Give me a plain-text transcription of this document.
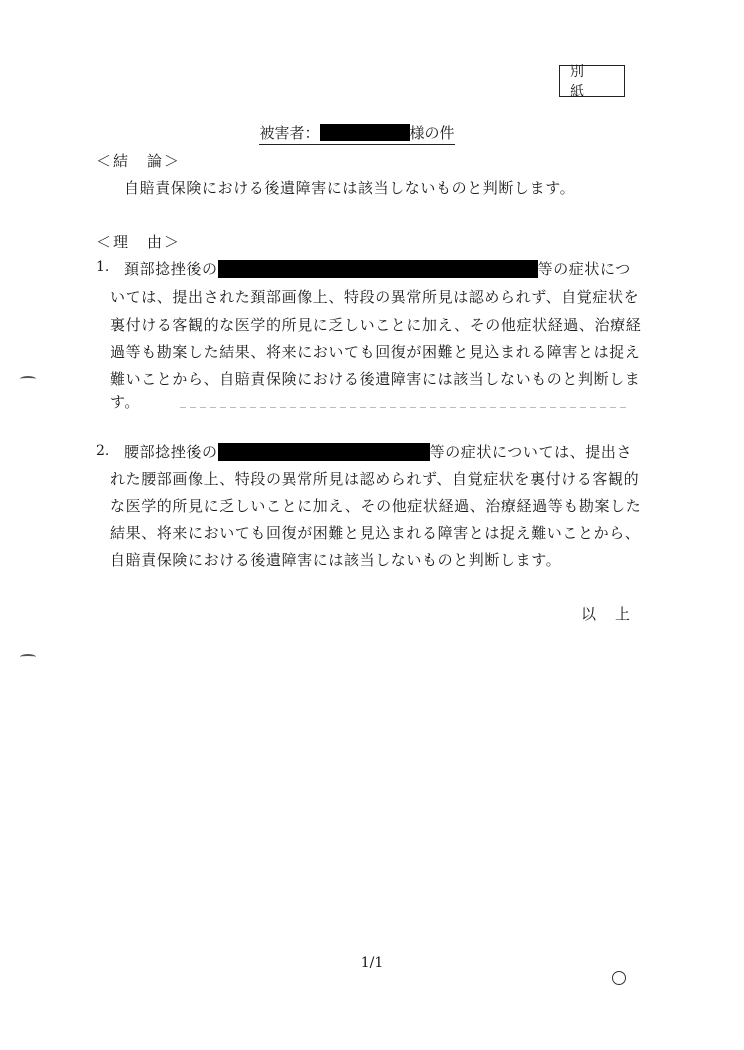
別 紙
被害者：	様の件
＜結　論＞
自賠責保険における後遺障害には該当しないものと判断します。
＜理　由＞
1. 頚部捻挫後の	等の症状につ
いては、提出された頚部画像上、特段の異常所見は認められず、自覚症状を
裏付ける客観的な医学的所見に乏しいことに加え、その他症状経過、治療経
過等も勘案した結果、将来においても回復が困難と見込まれる障害とは捉え
難いことから、自賠責保険における後遺障害には該当しないものと判断しま
す。
2. 腰部捻挫後の	等の症状については、提出さ
れた腰部画像上、特段の異常所見は認められず、自覚症状を裏付ける客観的
な医学的所見に乏しいことに加え、その他症状経過、治療経過等も勘案した
結果、将来においても回復が困難と見込まれる障害とは捉え難いことから、
自賠責保険における後遺障害には該当しないものと判断します。
以　上
1/1
